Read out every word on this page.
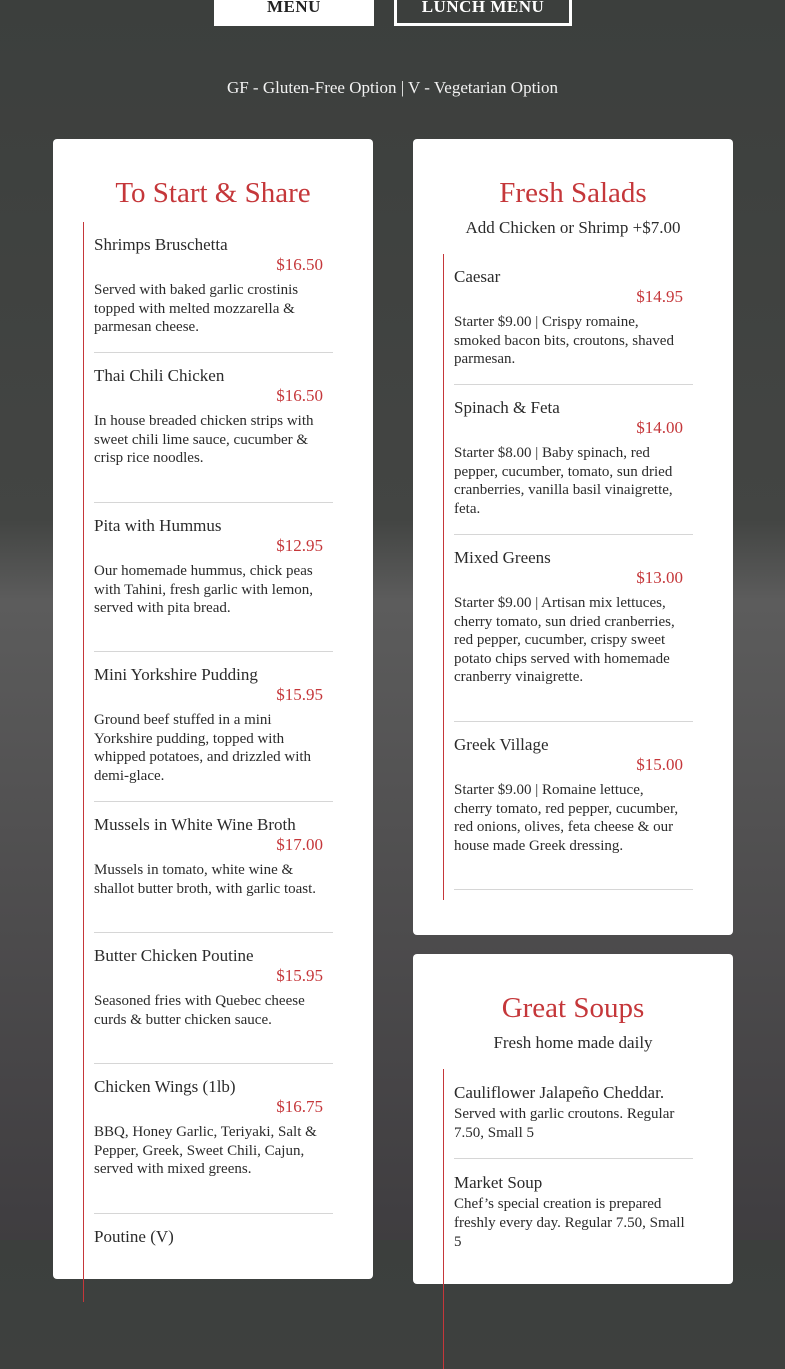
MENU	LUNCH MENU
GF - Gluten-Free Option | V - Vegetarian Option
To Start & Share
Shrimps Bruschetta
$16.50
Served with baked garlic crostinis topped with melted mozzarella & parmesan cheese.
Thai Chili Chicken
$16.50
In house breaded chicken strips with sweet chili lime sauce, cucumber & crisp rice noodles.
Pita with Hummus
$12.95
Our homemade hummus, chick peas with Tahini, fresh garlic with lemon, served with pita bread.
Mini Yorkshire Pudding
$15.95
Ground beef stuffed in a mini Yorkshire pudding, topped with whipped potatoes, and drizzled with demi-glace.
Mussels in White Wine Broth
$17.00
Mussels in tomato, white wine & shallot butter broth, with garlic toast.
Butter Chicken Poutine
$15.95
Seasoned fries with Quebec cheese curds & butter chicken sauce.
Chicken Wings (1lb)
$16.75
BBQ, Honey Garlic, Teriyaki, Salt & Pepper, Greek, Sweet Chili, Cajun, served with mixed greens.
Poutine (V)
Fresh Salads
Add Chicken or Shrimp +$7.00
Caesar
$14.95
Starter $9.00 | Crispy romaine, smoked bacon bits, croutons, shaved parmesan.
Spinach & Feta
$14.00
Starter $8.00 | Baby spinach, red pepper, cucumber, tomato, sun dried cranberries, vanilla basil vinaigrette, feta.
Mixed Greens
$13.00
Starter $9.00 | Artisan mix lettuces, cherry tomato, sun dried cranberries, red pepper, cucumber, crispy sweet potato chips served with homemade cranberry vinaigrette.
Greek Village
$15.00
Starter $9.00 | Romaine lettuce, cherry tomato, red pepper, cucumber, red onions, olives, feta cheese & our house made Greek dressing.
Great Soups
Fresh home made daily
Cauliflower Jalapeño Cheddar.
Served with garlic croutons. Regular 7.50, Small 5
Market Soup
Chef’s special creation is prepared freshly every day. Regular 7.50, Small 5
